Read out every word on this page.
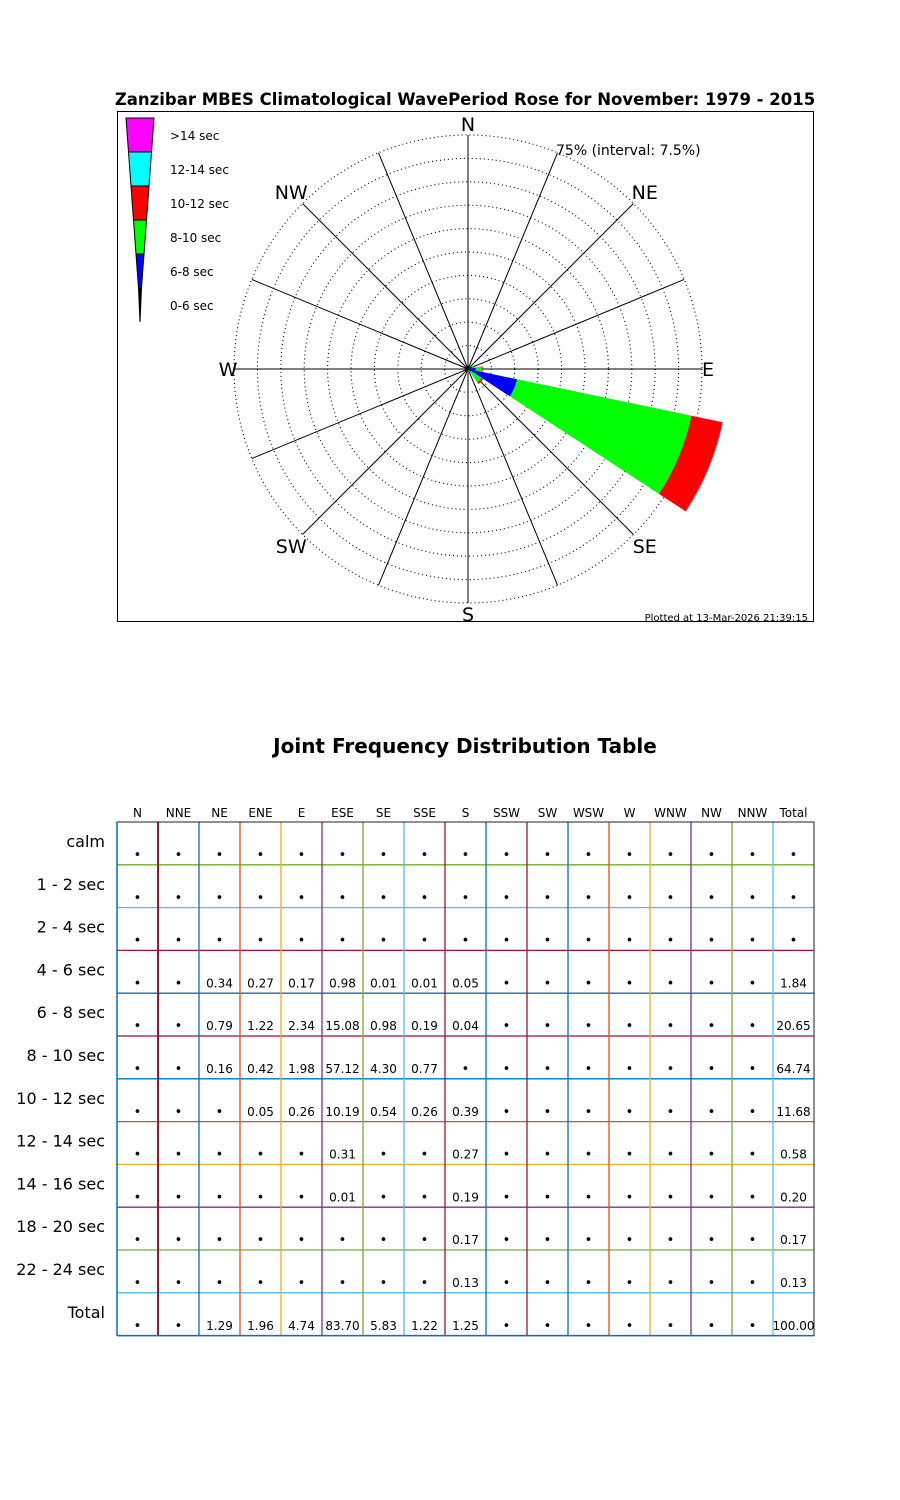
Zanzibar MBES Climatological WavePeriod Rose for November: 1979 - 2015
N
NE
E
SE
S
SW
W
NW
75% (interval: 7.5%)
Plotted at 13-Mar-2026 21:39:15
>14 sec
12-14 sec
10-12 sec
8-10 sec
6-8 sec
0-6 sec
Joint Frequency Distribution Table
N NNE NE ENE E ESE SE SSE S SSW SW WSW W WNW NW NNW Total
calm
•	•	•	•	•	•	•	•	•	•	•	•	•	•	•	•	•
1 - 2 sec
•	•	•	•	•	•	•	•	•	•	•	•	•	•	•	•	•
2 - 4 sec
•	•	•	•	•	•	•	•	•	•	•	•	•	•	•	•	•
4 - 6 sec
•	• 0.34 0.27 0.17 0.98 0.01 0.01 0.05 •	•	•	•	•	•	• 1.84
6 - 8 sec
•	• 0.79 1.22 2.34 15.08 0.98 0.19 0.04 •	•	•	•	•	•	• 20.65
8 - 10 sec
•	• 0.16 0.42 1.98 57.12 4.30 0.77 •	•	•	•	•	•	•	• 64.74
10 - 12 sec
•	•	• 0.05 0.26 10.19 0.54 0.26 0.39 •	•	•	•	•	•	• 11.68
12 - 14 sec
•	•	•	•	• 0.31 •	• 0.27 •	•	•	•	•	•	• 0.58
14 - 16 sec
•	•	•	•	• 0.01 •	• 0.19 •	•	•	•	•	•	• 0.20
18 - 20 sec
•	•	•	•	•	•	•	• 0.17 •	•	•	•	•	•	• 0.17
22 - 24 sec
•	•	•	•	•	•	•	• 0.13 •	•	•	•	•	•	• 0.13
Total
•	• 1.29 1.96 4.74 83.70 5.83 1.22 1.25 •	•	•	•	•	•	• 100.00
